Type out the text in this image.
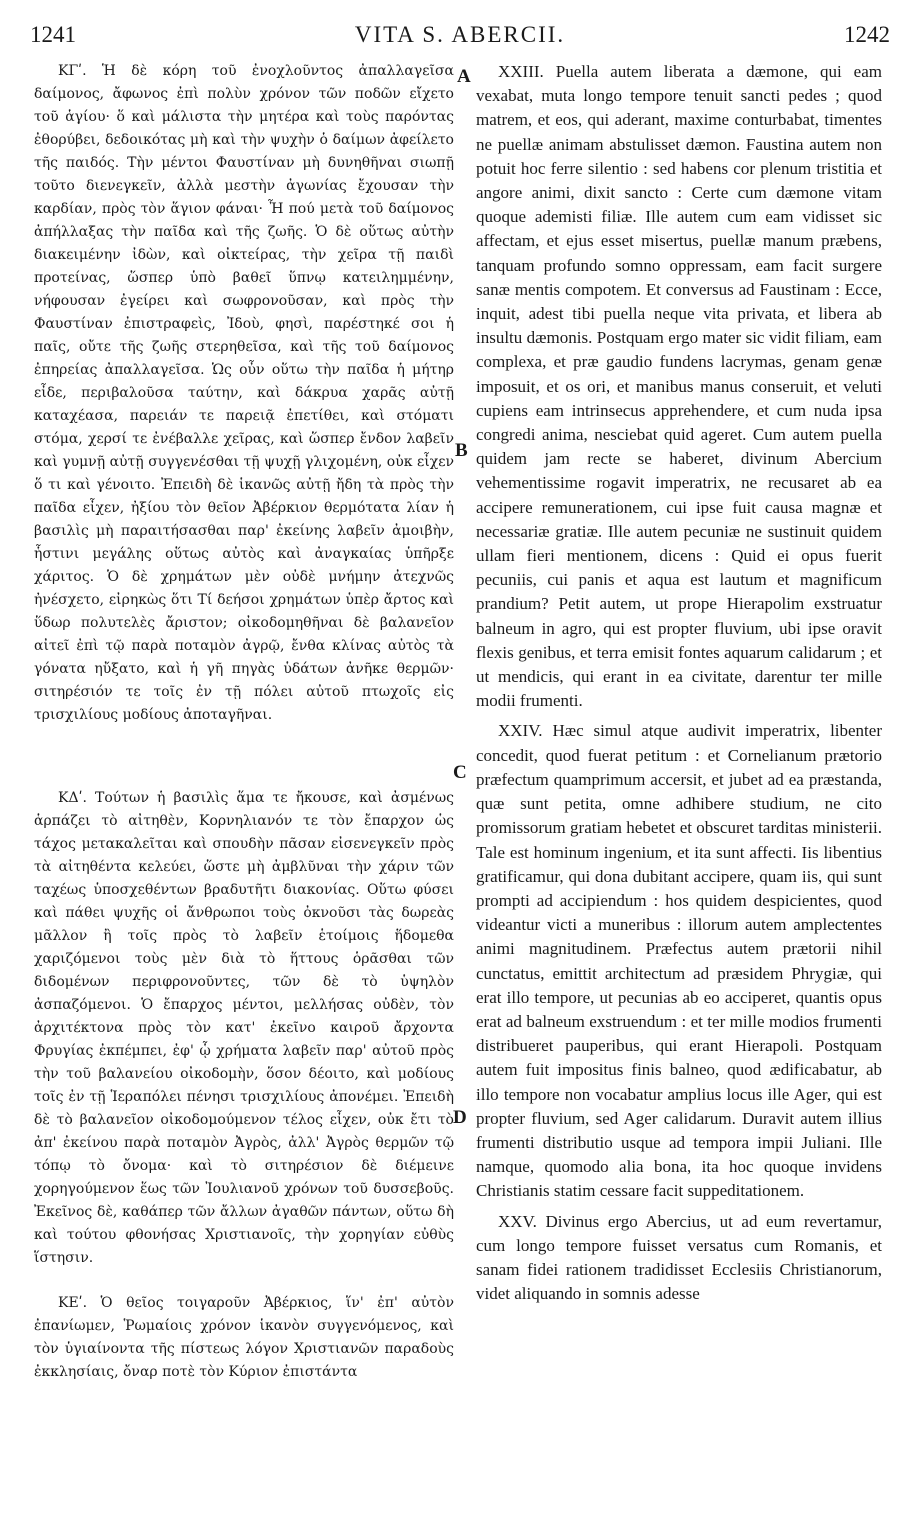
1241	VITA S. ABERCII.	1242

ΚΓʹ. Ἡ δὲ κόρη τοῦ ἐνοχλοῦντος ἀπαλλαγεῖσα δαίμονος, ἄφωνος ἐπὶ πολὺν χρόνον τῶν ποδῶν εἴχετο τοῦ ἁγίου· ὅ καὶ μάλιστα τὴν μητέρα καὶ τοὺς παρόντας ἐθορύβει, δεδοικότας μὴ καὶ τὴν ψυχὴν ὁ δαίμων ἀφείλετο τῆς παιδός. Τὴν μέντοι Φαυστίναν μὴ δυνηθῆναι σιωπῇ τοῦτο διενεγκεῖν, ἀλλὰ μεστὴν ἀγωνίας ἔχουσαν τὴν καρδίαν, πρὸς τὸν ἅγιον φάναι· Ἦ πού μετὰ τοῦ δαίμονος ἀπήλλαξας τὴν παῖδα καὶ τῆς ζωῆς. Ὁ δὲ οὕτως αὐτὴν διακειμένην ἰδὼν, καὶ οἰκτείρας, τὴν χεῖρα τῇ παιδὶ προτείνας, ὥσπερ ὑπὸ βαθεῖ ὕπνῳ κατειλημμένην, νήφουσαν ἐγείρει καὶ σωφρονοῦσαν, καὶ πρὸς τὴν Φαυστίναν ἐπιστραφεὶς, Ἰδοὺ, φησὶ, παρέστηκέ σοι ἡ παῖς, οὔτε τῆς ζωῆς στερηθεῖσα, καὶ τῆς τοῦ δαίμονος ἐπηρείας ἀπαλλαγεῖσα. Ὡς οὖν οὕτω τὴν παῖδα ἡ μήτηρ εἶδε, περιβαλοῦσα ταύτην, καὶ δάκρυα χαρᾶς αὐτῇ καταχέασα, παρειάν τε παρειᾷ ἐπετίθει, καὶ στόματι στόμα, χερσί τε ἐνέβαλλε χεῖρας, καὶ ὥσπερ ἔνδον λαβεῖν καὶ γυμνῇ αὐτῇ συγγενέσθαι τῇ ψυχῇ γλιχομένη, οὐκ εἶχεν ὅ τι καὶ γένοιτο. Ἐπειδὴ δὲ ἱκανῶς αὐτῇ ἤδη τὰ πρὸς τὴν παῖδα εἶχεν, ἠξίου τὸν θεῖον Ἀβέρκιον θερμότατα λίαν ἡ βασιλὶς μὴ παραιτήσασθαι παρ' ἐκείνης λαβεῖν ἀμοιβὴν, ἧστινι μεγάλης οὕτως αὐτὸς καὶ ἀναγκαίας ὑπῆρξε χάριτος. Ὁ δὲ χρημάτων μὲν οὐδὲ μνήμην ἀτεχνῶς ἠνέσχετο, εἰρηκὼς ὅτι Τί δεήσοι χρημάτων ὑπὲρ ἄρτος καὶ ὕδωρ πολυτελὲς ἄριστον; οἰκοδομηθῆναι δὲ βαλανεῖον αἰτεῖ ἐπὶ τῷ παρὰ ποταμὸν ἀγρῷ, ἔνθα κλίνας αὐτὸς τὰ γόνατα ηὔξατο, καὶ ἡ γῆ πηγὰς ὑδάτων ἀνῆκε θερμῶν· σιτηρέσιόν τε τοῖς ἐν τῇ πόλει αὐτοῦ πτωχοῖς εἰς τρισχιλίους μοδίους ἀποταγῆναι.

ΚΔʹ. Τούτων ἡ βασιλὶς ἅμα τε ἤκουσε, καὶ ἀσμένως ἁρπάζει τὸ αἰτηθὲν, Κορνηλιανόν τε τὸν ἔπαρχον ὡς τάχος μετακαλεῖται καὶ σπουδὴν πᾶσαν εἰσενεγκεῖν πρὸς τὰ αἰτηθέντα κελεύει, ὥστε μὴ ἀμβλῦναι τὴν χάριν τῶν ταχέως ὑποσχεθέντων βραδυτῆτι διακονίας. Οὕτω φύσει καὶ πάθει ψυχῆς οἱ ἄνθρωποι τοὺς ὀκνοῦσι τὰς δωρεὰς μᾶλλον ἢ τοῖς πρὸς τὸ λαβεῖν ἑτοίμοις ἥδομεθα χαριζόμενοι τοὺς μὲν διὰ τὸ ἥττους ὁρᾶσθαι τῶν διδομένων περιφρονοῦντες, τῶν δὲ τὸ ὑψηλὸν ἀσπαζόμενοι. Ὁ ἔπαρχος μέντοι, μελλήσας οὐδὲν, τὸν ἀρχιτέκτονα πρὸς τὸν κατ' ἐκεῖνο καιροῦ ἄρχοντα Φρυγίας ἐκπέμπει, ἐφ' ᾧ χρήματα λαβεῖν παρ' αὐτοῦ πρὸς τὴν τοῦ βαλανείου οἰκοδομὴν, ὅσον δέοιτο, καὶ μοδίους τοῖς ἐν τῇ Ἱεραπόλει πένησι τρισχιλίους ἀπονέμει. Ἐπειδὴ δὲ τὸ βαλανεῖον οἰκοδομούμενον τέλος εἶχεν, οὐκ ἔτι τὸ ἀπ' ἐκείνου παρὰ ποταμὸν Ἀγρὸς, ἀλλ' Ἀγρὸς θερμῶν τῷ τόπῳ τὸ ὄνομα· καὶ τὸ σιτηρέσιον δὲ διέμεινε χορηγούμενον ἕως τῶν Ἰουλιανοῦ χρόνων τοῦ δυσσεβοῦς. Ἐκεῖνος δὲ, καθάπερ τῶν ἄλλων ἀγαθῶν πάντων, οὕτω δὴ καὶ τούτου φθονήσας Χριστιανοῖς, τὴν χορηγίαν εὐθὺς ἵστησιν.

ΚΕʹ. Ὁ θεῖος τοιγαροῦν Ἀβέρκιος, ἵν' ἐπ' αὐτὸν ἐπανίωμεν, Ῥωμαίοις χρόνον ἱκανὸν συγγενόμενος, καὶ τὸν ὑγιαίνοντα τῆς πίστεως λόγον Χριστιανῶν παραδοὺς ἐκκλησίαις, ὄναρ ποτὲ τὸν Κύριον ἐπιστάντα

A
B
C
D

XXIII. Puella autem liberata a dæmone, qui eam vexabat, muta longo tempore tenuit sancti pedes ; quod matrem, et eos, qui aderant, maxime conturbabat, timentes ne puellæ animam abstulisset dæmon. Faustina autem non potuit hoc ferre silentio : sed habens cor plenum tristitia et angore animi, dixit sancto : Certe cum dæmone vitam quoque ademisti filiæ. Ille autem cum eam vidisset sic affectam, et ejus esset misertus, puellæ manum præbens, tanquam profundo somno oppressam, eam facit surgere sanæ mentis compotem. Et conversus ad Faustinam : Ecce, inquit, adest tibi puella neque vita privata, et libera ab insultu dæmonis. Postquam ergo mater sic vidit filiam, eam complexa, et præ gaudio fundens lacrymas, genam genæ imposuit, et os ori, et manibus manus conseruit, et veluti cupiens eam intrinsecus apprehendere, et cum nuda ipsa congredi anima, nesciebat quid ageret. Cum autem puella quidem jam recte se haberet, divinum Abercium vehementissime rogavit imperatrix, ne recusaret ab ea accipere remunerationem, cui ipse fuit causa magnæ et necessariæ gratiæ. Ille autem pecuniæ ne sustinuit quidem ullam fieri mentionem, dicens : Quid ei opus fuerit pecuniis, cui panis et aqua est lautum et magnificum prandium? Petit autem, ut prope Hierapolim exstruatur balneum in agro, qui est propter fluvium, ubi ipse oravit flexis genibus, et terra emisit fontes aquarum calidarum ; et ut mendicis, qui erant in ea civitate, darentur ter mille modii frumenti.

XXIV. Hæc simul atque audivit imperatrix, libenter concedit, quod fuerat petitum : et Cornelianum prætorio præfectum quamprimum accersit, et jubet ad ea præstanda, quæ sunt petita, omne adhibere studium, ne cito promissorum gratiam hebetet et obscuret tarditas ministerii. Tale est hominum ingenium, et ita sunt affecti. Iis libentius gratificamur, qui dona dubitant accipere, quam iis, qui sunt prompti ad accipiendum : hos quidem despicientes, quod videantur victi a muneribus : illorum autem amplectentes animi magnitudinem. Præfectus autem prætorii nihil cunctatus, emittit architectum ad præsidem Phrygiæ, qui erat illo tempore, ut pecunias ab eo acciperet, quantis opus erat ad balneum exstruendum : et ter mille modios frumenti distribueret pauperibus, qui erant Hierapoli. Postquam autem fuit impositus finis balneo, quod ædificabatur, ab illo tempore non vocabatur amplius locus ille Ager, qui est propter fluvium, sed Ager calidarum. Duravit autem illius frumenti distributio usque ad tempora impii Juliani. Ille namque, quomodo alia bona, ita hoc quoque invidens Christianis statim cessare facit suppeditationem.

XXV. Divinus ergo Abercius, ut ad eum revertamur, cum longo tempore fuisset versatus cum Romanis, et sanam fidei rationem tradidisset Ecclesiis Christianorum, videt aliquando in somnis adesse
